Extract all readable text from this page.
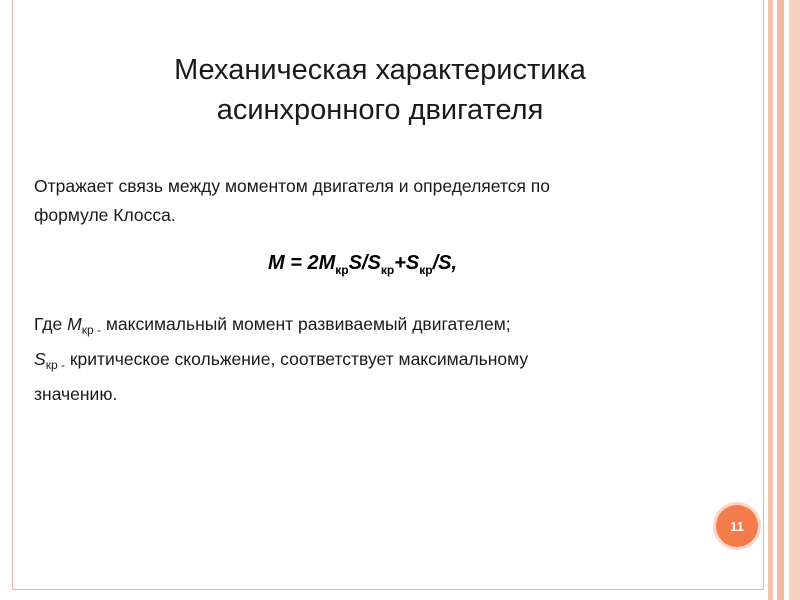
Механическая характеристика
асинхронного двигателя
Отражает связь между моментом двигателя и определяется по
формуле Клосса.
$M = 2M_{кр}S/S_{кр}+S_{кр}/S$,
Где $M_{кр -}$ максимальный момент развиваемый двигателем;
$S_{кр -}$ критическое скольжение, соответствует максимальному
значению.
11
